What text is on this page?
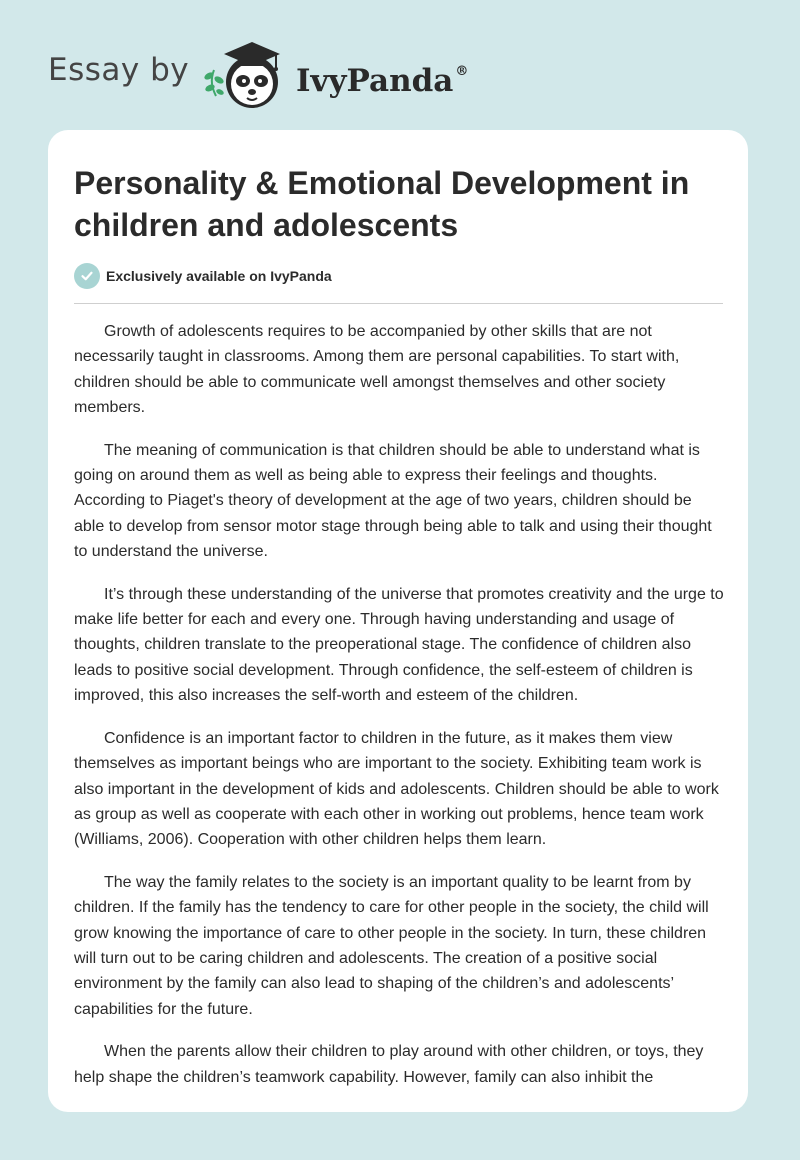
Essay by	IvyPanda ®
Personality & Emotional Development in children and adolescents
Exclusively available on IvyPanda

Growth of adolescents requires to be accompanied by other skills that are not necessarily taught in classrooms. Among them are personal capabilities. To start with, children should be able to communicate well amongst themselves and other society members.

The meaning of communication is that children should be able to understand what is going on around them as well as being able to express their feelings and thoughts. According to Piaget's theory of development at the age of two years, children should be able to develop from sensor motor stage through being able to talk and using their thought to understand the universe.

It’s through these understanding of the universe that promotes creativity and the urge to make life better for each and every one. Through having understanding and usage of thoughts, children translate to the preoperational stage. The confidence of children also leads to positive social development. Through confidence, the self-esteem of children is improved, this also increases the self-worth and esteem of the children.

Confidence is an important factor to children in the future, as it makes them view themselves as important beings who are important to the society. Exhibiting team work is also important in the development of kids and adolescents. Children should be able to work as group as well as cooperate with each other in working out problems, hence team work (Williams, 2006). Cooperation with other children helps them learn.

The way the family relates to the society is an important quality to be learnt from by children. If the family has the tendency to care for other people in the society, the child will grow knowing the importance of care to other people in the society. In turn, these children will turn out to be caring children and adolescents. The creation of a positive social environment by the family can also lead to shaping of the children’s and adolescents’ capabilities for the future.

When the parents allow their children to play around with other children, or toys, they help shape the children’s teamwork capability. However, family can also inhibit the
